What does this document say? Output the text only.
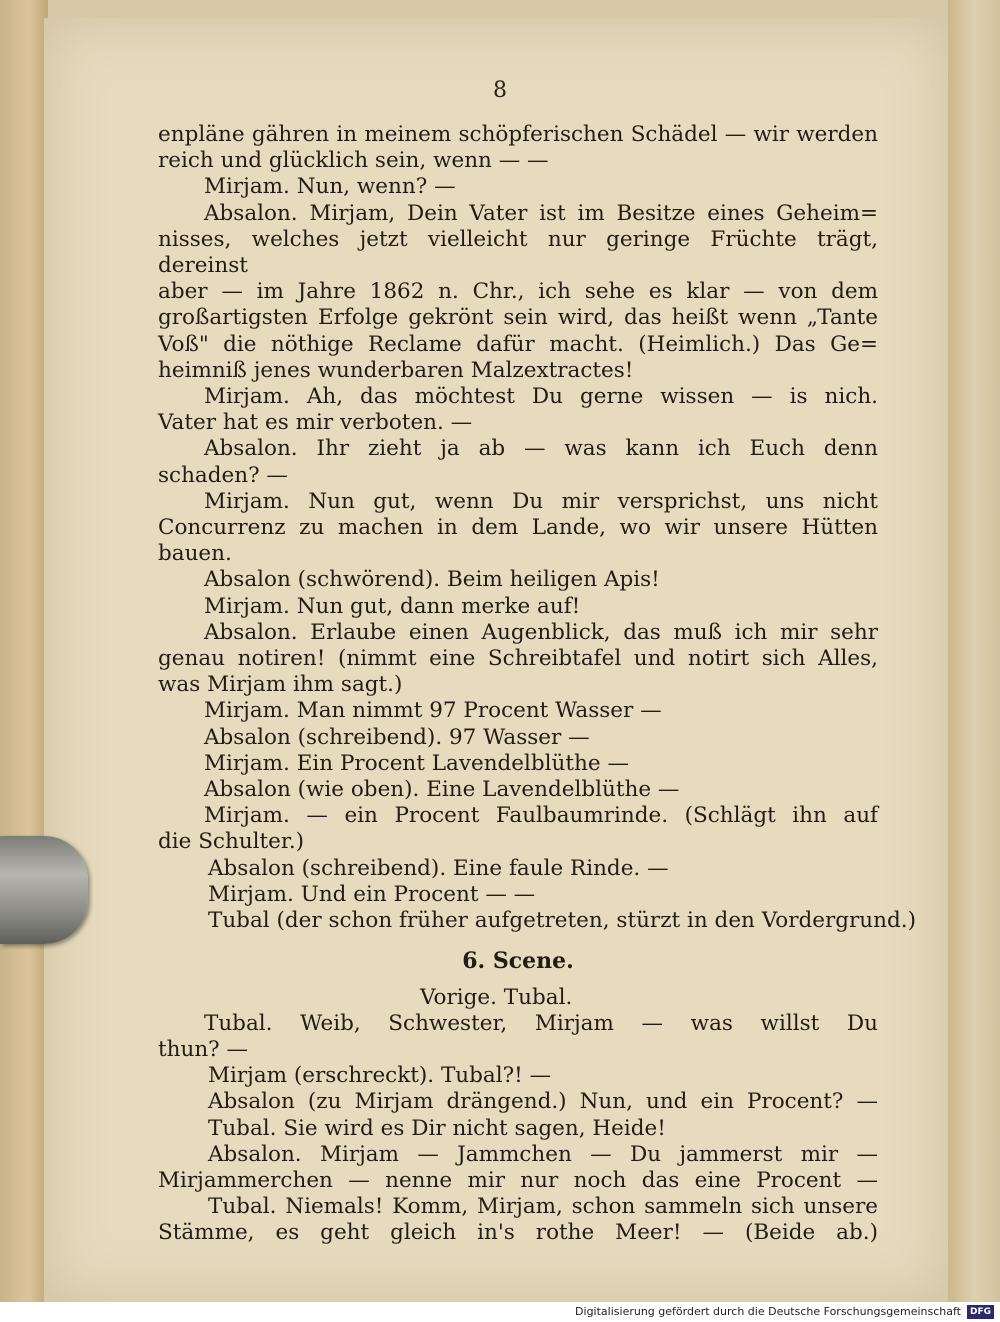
8
enpläne gähren in meinem schöpferischen Schädel — wir werden
reich und glücklich sein, wenn — —
Mirjam. Nun, wenn? —
Absalon. Mirjam, Dein Vater ist im Besitze eines Geheim=
nisses, welches jetzt vielleicht nur geringe Früchte trägt, dereinst
aber — im Jahre 1862 n. Chr., ich sehe es klar — von dem
großartigsten Erfolge gekrönt sein wird, das heißt wenn „Tante
Voß" die nöthige Reclame dafür macht. (Heimlich.) Das Ge=
heimniß jenes wunderbaren Malzextractes!
Mirjam. Ah, das möchtest Du gerne wissen — is nich.
Vater hat es mir verboten. —
Absalon. Ihr zieht ja ab — was kann ich Euch denn
schaden? —
Mirjam. Nun gut, wenn Du mir versprichst, uns nicht
Concurrenz zu machen in dem Lande, wo wir unsere Hütten bauen.
Absalon (schwörend). Beim heiligen Apis!
Mirjam. Nun gut, dann merke auf!
Absalon. Erlaube einen Augenblick, das muß ich mir sehr
genau notiren! (nimmt eine Schreibtafel und notirt sich Alles,
was Mirjam ihm sagt.)
Mirjam. Man nimmt 97 Procent Wasser —
Absalon (schreibend). 97 Wasser —
Mirjam. Ein Procent Lavendelblüthe —
Absalon (wie oben). Eine Lavendelblüthe —
Mirjam. — ein Procent Faulbaumrinde. (Schlägt ihn auf
die Schulter.)
Absalon (schreibend). Eine faule Rinde. —
Mirjam. Und ein Procent — —
Tubal (der schon früher aufgetreten, stürzt in den Vordergrund.)
6. Scene.
Vorige. Tubal.
Tubal. Weib, Schwester, Mirjam — was willst Du
thun? —
Mirjam (erschreckt). Tubal?! —
Absalon (zu Mirjam drängend.) Nun, und ein Procent? —
Tubal. Sie wird es Dir nicht sagen, Heide!
Absalon. Mirjam — Jammchen — Du jammerst mir —
Mirjammerchen — nenne mir nur noch das eine Procent —
Tubal. Niemals! Komm, Mirjam, schon sammeln sich unsere
Stämme, es geht gleich in's rothe Meer! — (Beide ab.)
Digitalisierung gefördert durch die Deutsche Forschungsgemeinschaft DFG
